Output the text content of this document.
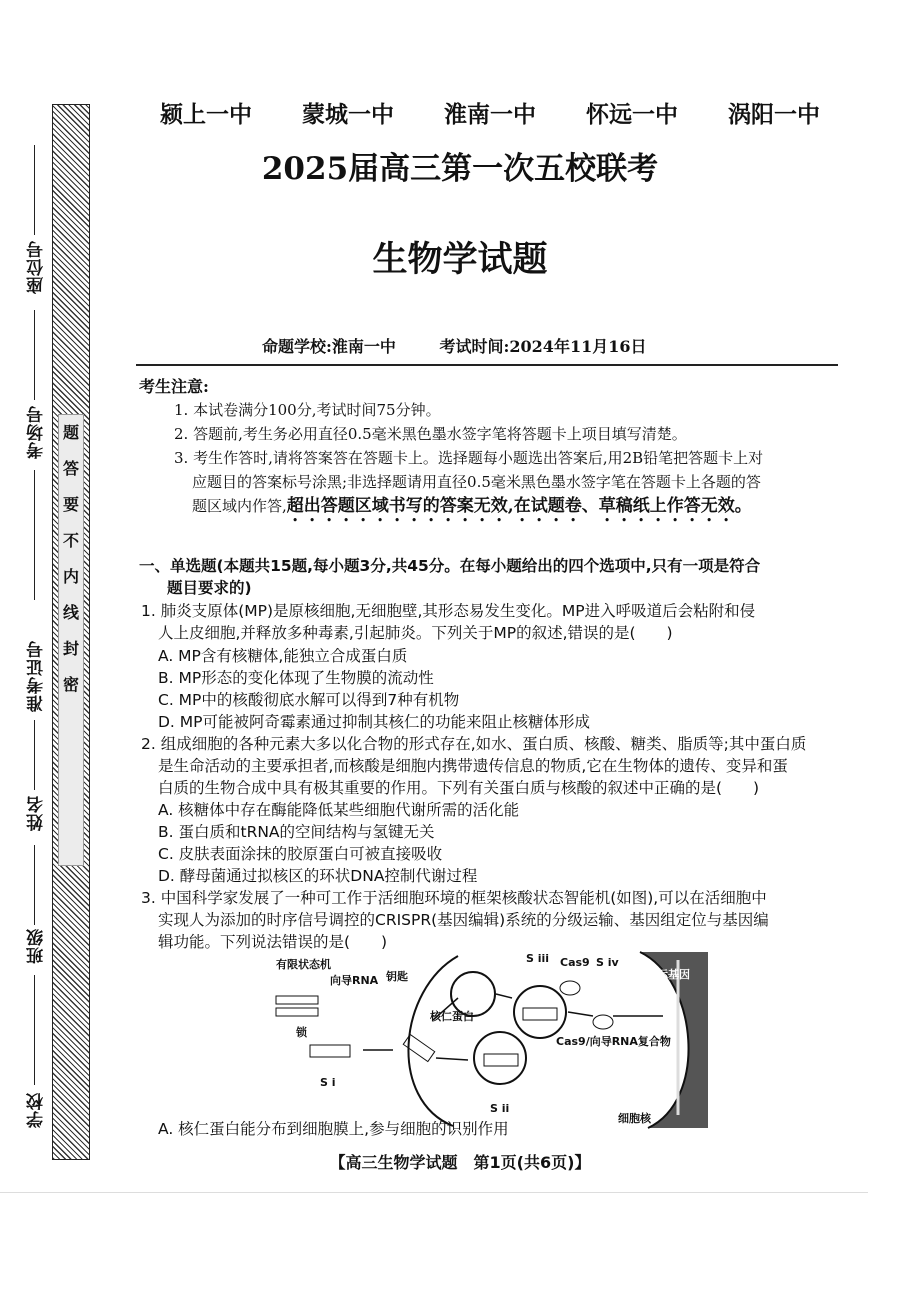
题
答
要
不
内
线
封
密
座位号
考场号
准考证号
姓名
班级
学校
颍上一中 蒙城一中 淮南一中 怀远一中 涡阳一中
2025届高三第一次五校联考
生物学试题
命题学校:淮南一中	考试时间:2024年11月16日
考生注意:
1. 本试卷满分100分,考试时间75分钟。
2. 答题前,考生务必用直径0.5毫米黑色墨水签字笔将答题卡上项目填写清楚。
3. 考生作答时,请将答案答在答题卡上。选择题每小题选出答案后,用2B铅笔把答题卡上对
应题目的答案标号涂黑;非选择题请用直径0.5毫米黑色墨水签字笔在答题卡上各题的答
题区域内作答,超出答题区域书写的答案无效,在试题卷、草稿纸上作答无效。
一、单选题(本题共15题,每小题3分,共45分。在每小题给出的四个选项中,只有一项是符合
题目要求的)
1. 肺炎支原体(MP)是原核细胞,无细胞壁,其形态易发生变化。MP进入呼吸道后会粘附和侵
人上皮细胞,并释放多种毒素,引起肺炎。下列关于MP的叙述,错误的是(　　)
A. MP含有核糖体,能独立合成蛋白质
B. MP形态的变化体现了生物膜的流动性
C. MP中的核酸彻底水解可以得到7种有机物
D. MP可能被阿奇霉素通过抑制其核仁的功能来阻止核糖体形成
2. 组成细胞的各种元素大多以化合物的形式存在,如水、蛋白质、核酸、糖类、脂质等;其中蛋白质
是生命活动的主要承担者,而核酸是细胞内携带遗传信息的物质,它在生物体的遗传、变异和蛋
白质的生物合成中具有极其重要的作用。下列有关蛋白质与核酸的叙述中正确的是(　　)
A. 核糖体中存在酶能降低某些细胞代谢所需的活化能
B. 蛋白质和tRNA的空间结构与氢键无关
C. 皮肤表面涂抹的胶原蛋白可被直接吸收
D. 酵母菌通过拟核区的环状DNA控制代谢过程
3. 中国科学家发展了一种可工作于活细胞环境的框架核酸状态智能机(如图),可以在活细胞中
实现人为添加的时序信号调控的CRISPR(基因编辑)系统的分级运输、基因组定位与基因编
辑功能。下列说法错误的是(　　)
有限状态机
向导RNA 钥匙
锁
核仁蛋白
Cas9/向导RNA复合物
Cas9
目标基因
细胞核
S i
S iii
S ii
S iv
A. 核仁蛋白能分布到细胞膜上,参与细胞的识别作用
【高三生物学试题　第1页(共6页)】
